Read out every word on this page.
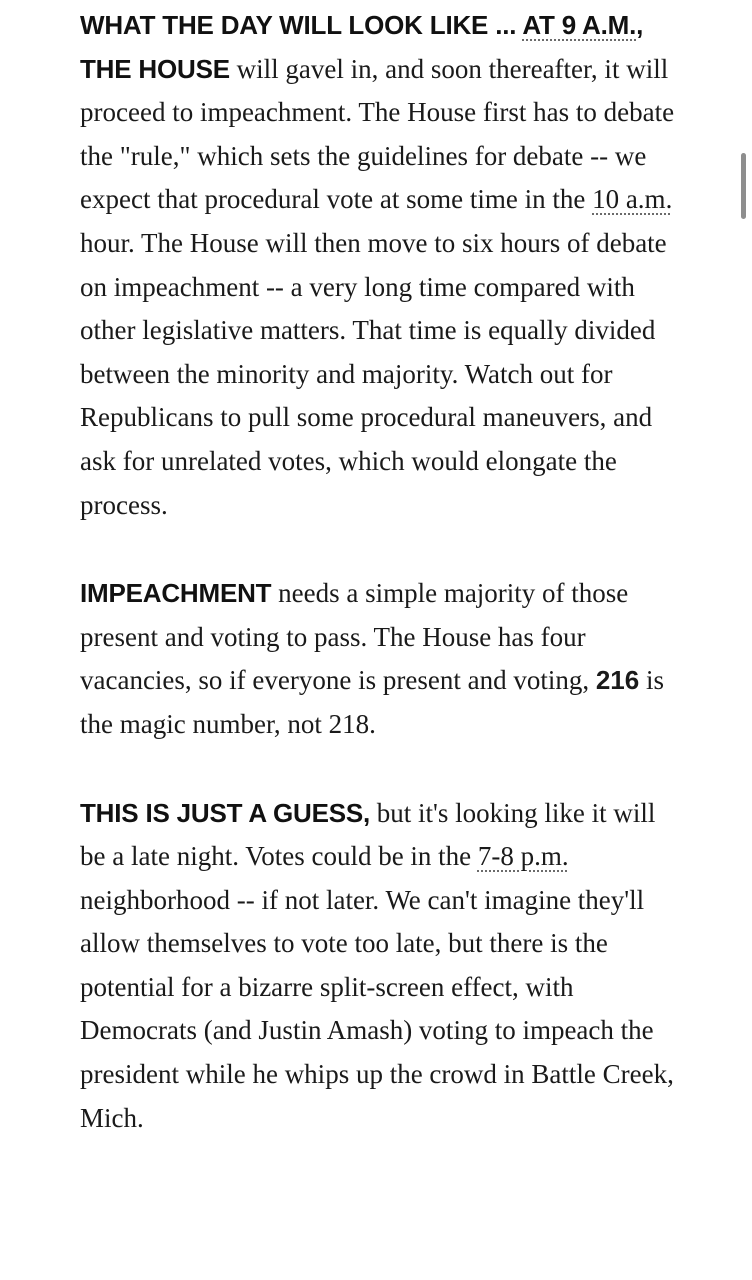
WHAT THE DAY WILL LOOK LIKE ... AT 9 A.M., THE HOUSE will gavel in, and soon thereafter, it will proceed to impeachment. The House first has to debate the "rule," which sets the guidelines for debate -- we expect that procedural vote at some time in the 10 a.m. hour. The House will then move to six hours of debate on impeachment -- a very long time compared with other legislative matters. That time is equally divided between the minority and majority. Watch out for Republicans to pull some procedural maneuvers, and ask for unrelated votes, which would elongate the process.

IMPEACHMENT needs a simple majority of those present and voting to pass. The House has four vacancies, so if everyone is present and voting, 216 is the magic number, not 218.

THIS IS JUST A GUESS, but it's looking like it will be a late night. Votes could be in the 7-8 p.m. neighborhood -- if not later. We can't imagine they'll allow themselves to vote too late, but there is the potential for a bizarre split-screen effect, with Democrats (and Justin Amash) voting to impeach the president while he whips up the crowd in Battle Creek, Mich.
